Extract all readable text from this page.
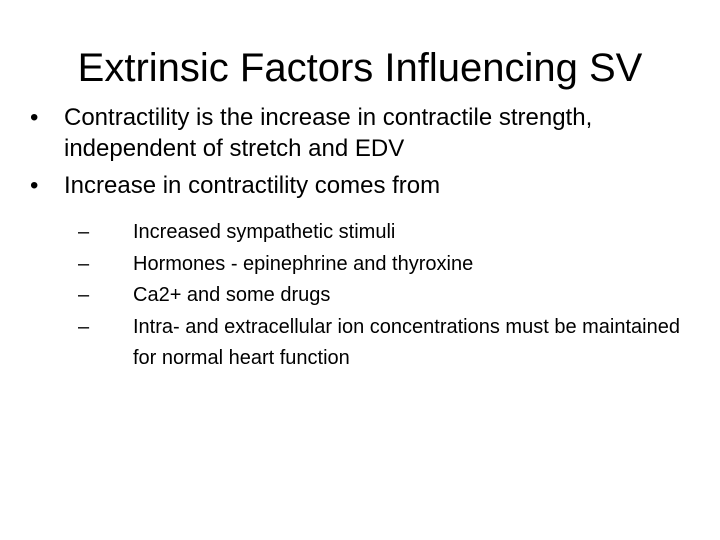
Extrinsic Factors Influencing SV
• Contractility is the increase in contractile strength, independent of stretch and EDV
• Increase in contractility comes from
– Increased sympathetic stimuli
– Hormones - epinephrine and thyroxine
– Ca2+ and some drugs
– Intra- and extracellular ion concentrations must be maintained for normal heart function
